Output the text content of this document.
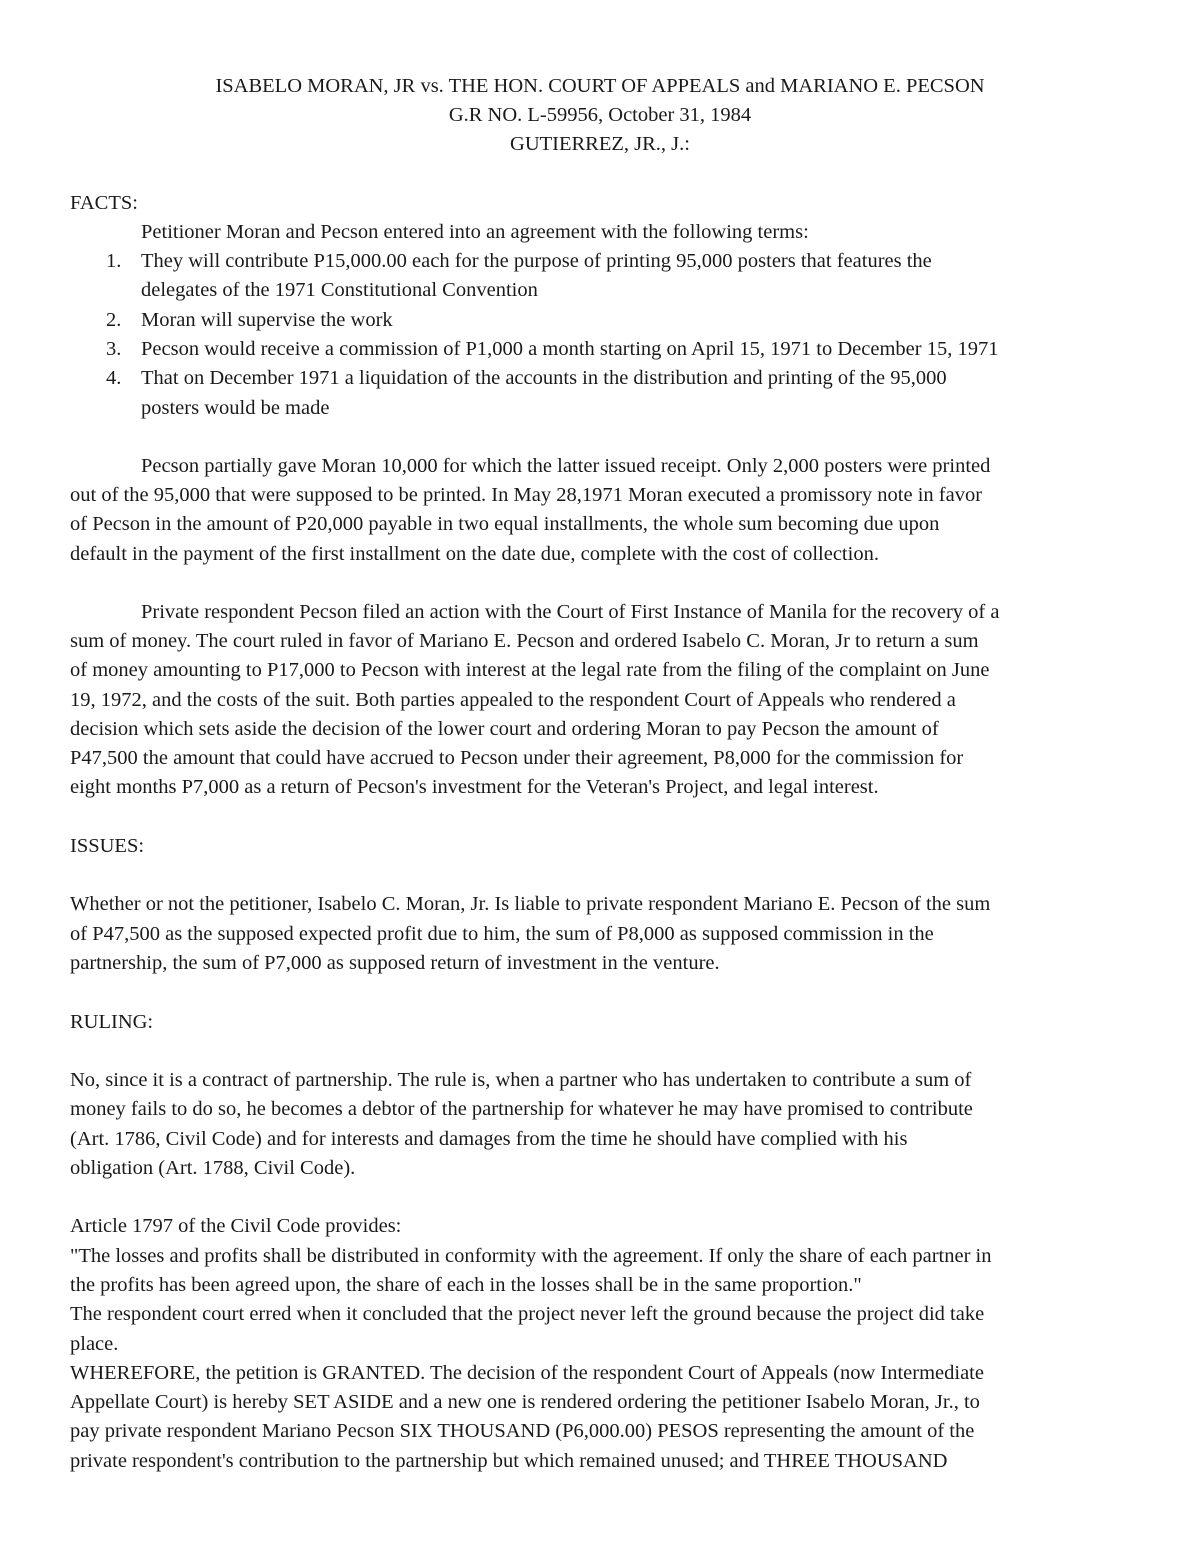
ISABELO MORAN, JR vs. THE HON. COURT OF APPEALS and MARIANO E. PECSON
G.R NO. L-59956, October 31, 1984
GUTIERREZ, JR., J.:
FACTS:
Petitioner Moran and Pecson entered into an agreement with the following terms:
1. They will contribute P15,000.00 each for the purpose of printing 95,000 posters that features the
delegates of the 1971 Constitutional Convention
2. Moran will supervise the work
3. Pecson would receive a commission of P1,000 a month starting on April 15, 1971 to December 15, 1971
4. That on December 1971 a liquidation of the accounts in the distribution and printing of the 95,000
posters would be made
Pecson partially gave Moran 10,000 for which the latter issued receipt. Only 2,000 posters were printed
out of the 95,000 that were supposed to be printed. In May 28,1971 Moran executed a promissory note in favor
of Pecson in the amount of P20,000 payable in two equal installments, the whole sum becoming due upon
default in the payment of the first installment on the date due, complete with the cost of collection.
Private respondent Pecson filed an action with the Court of First Instance of Manila for the recovery of a
sum of money. The court ruled in favor of Mariano E. Pecson and ordered Isabelo C. Moran, Jr to return a sum
of money amounting to P17,000 to Pecson with interest at the legal rate from the filing of the complaint on June
19, 1972, and the costs of the suit. Both parties appealed to the respondent Court of Appeals who rendered a
decision which sets aside the decision of the lower court and ordering Moran to pay Pecson the amount of
P47,500 the amount that could have accrued to Pecson under their agreement, P8,000 for the commission for
eight months P7,000 as a return of Pecson's investment for the Veteran's Project, and legal interest.
ISSUES:
Whether or not the petitioner, Isabelo C. Moran, Jr. Is liable to private respondent Mariano E. Pecson of the sum
of P47,500 as the supposed expected profit due to him, the sum of P8,000 as supposed commission in the
partnership, the sum of P7,000 as supposed return of investment in the venture.
RULING:
No, since it is a contract of partnership. The rule is, when a partner who has undertaken to contribute a sum of
money fails to do so, he becomes a debtor of the partnership for whatever he may have promised to contribute
(Art. 1786, Civil Code) and for interests and damages from the time he should have complied with his
obligation (Art. 1788, Civil Code).
Article 1797 of the Civil Code provides:
"The losses and profits shall be distributed in conformity with the agreement. If only the share of each partner in
the profits has been agreed upon, the share of each in the losses shall be in the same proportion."
The respondent court erred when it concluded that the project never left the ground because the project did take
place.
WHEREFORE, the petition is GRANTED. The decision of the respondent Court of Appeals (now Intermediate
Appellate Court) is hereby SET ASIDE and a new one is rendered ordering the petitioner Isabelo Moran, Jr., to
pay private respondent Mariano Pecson SIX THOUSAND (P6,000.00) PESOS representing the amount of the
private respondent's contribution to the partnership but which remained unused; and THREE THOUSAND
